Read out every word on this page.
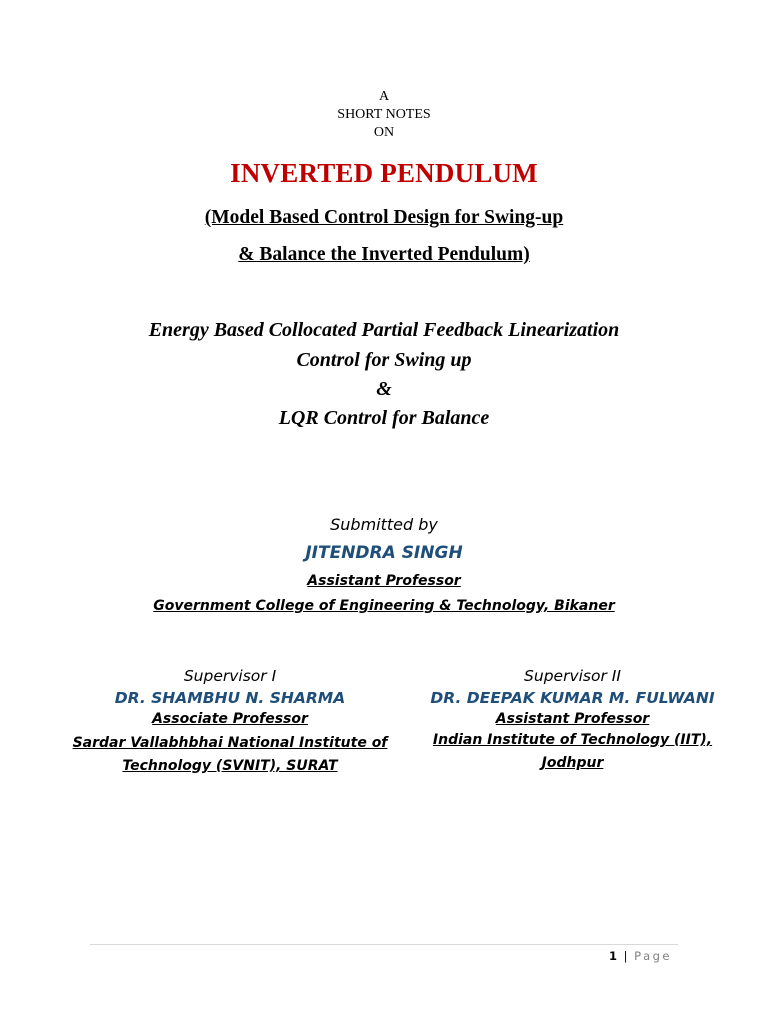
A
SHORT NOTES
ON
INVERTED PENDULUM
(Model Based Control Design for Swing-up
& Balance the Inverted Pendulum)
Energy Based Collocated Partial Feedback Linearization
Control for Swing up
&
LQR Control for Balance
Submitted by
JITENDRA SINGH
Assistant Professor
Government College of Engineering & Technology, Bikaner
Supervisor I
DR. SHAMBHU N. SHARMA
Associate Professor
Sardar Vallabhbhai National Institute of
Technology (SVNIT), SURAT
Supervisor II
DR. DEEPAK KUMAR M. FULWANI
Assistant Professor
Indian Institute of Technology (IIT),
Jodhpur
1 | Page
